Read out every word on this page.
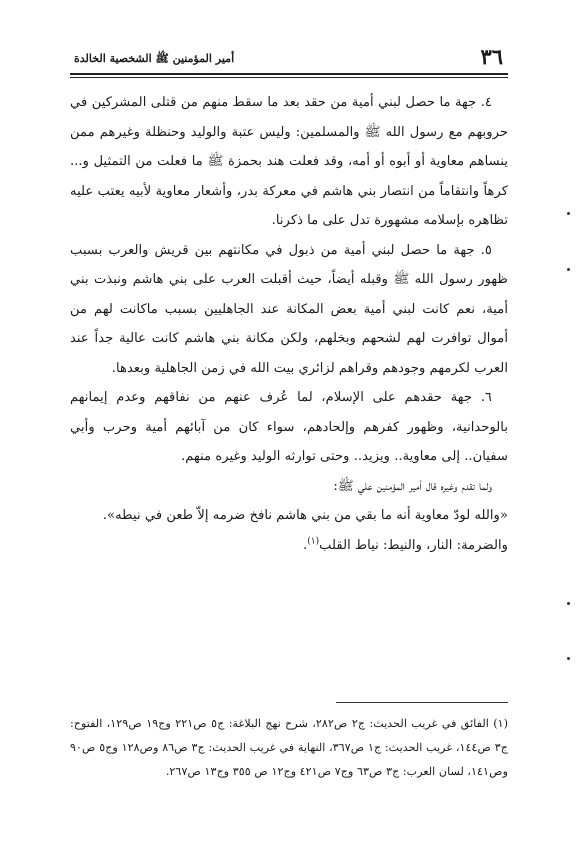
٣٦
أمير المؤمنين ﷺ الشخصية الخالدة

٤. جهة ما حصل لبني أمية من حقد بعد ما سقط منهم من قتلى المشركين في حروبهم مع رسول الله ﷺ والمسلمين: وليس عتبة والوليد وحنظلة وغيرهم ممن ينساهم معاوية أو أبوه أو أمه، وقد فعلت هند بحمزة ﷺ ما فعلت من التمثيل و... كرهاً وانتقاماً من انتصار بني هاشم في معركة بدر، وأشعار معاوية لأبيه يعتب عليه تظاهره بإسلامه مشهورة تدل على ما ذكرنا.

٥. جهة ما حصل لبني أمية من ذبول في مكانتهم بين قريش والعرب بسبب ظهور رسول الله ﷺ وقبله أيضاً، حيث أقبلت العرب على بني هاشم ونبذت بني أمية، نعم كانت لبني أمية بعض المكانة عند الجاهليين بسبب ماكانت لهم من أموال توافرت لهم لشحهم وبخلهم، ولكن مكانة بني هاشم كانت عالية جداً عند العرب لكرمهم وجودهم وقراهم لزائري بيت الله في زمن الجاهلية وبعدها.

٦. جهة حقدهم على الإسلام، لما عُرف عنهم من نفاقهم وعدم إيمانهم بالوحدانية، وظهور كفرهم وإلحادهم، سواء كان من آبائهم أمية وحرب وأبي سفيان.. إلى معاوية.. ويزيد.. وحتى توارثه الوليد وغيره منهم.

ولما تقدم وغيره قال أمير المؤمنين علي ﷺ:

«والله لودّ معاوية أنه ما بقي من بني هاشم نافخ ضرمه إلاّ طعن في نيطه».

والضرمة: النار، والنيط: نياط القلب$^{(١)}$.

(١) الفائق في غريب الحديث: ج٢ ص٢٨٢، شرح نهج البلاغة: ج٥ ص٢٢١ وج١٩ ص١٢٩، الفتوح: ج٣ ص١٤٤، غريب الحديث: ج١ ص٣٦٧، النهاية في غريب الحديث: ج٣ ص٨٦ وص١٢٨ وج٥ ص٩٠ وص١٤١، لسان العرب: ج٣ ص٦٣ وج٧ ص٤٢١ وج١٢ ص ٣٥٥ وج١٣ ص٢٦٧.
